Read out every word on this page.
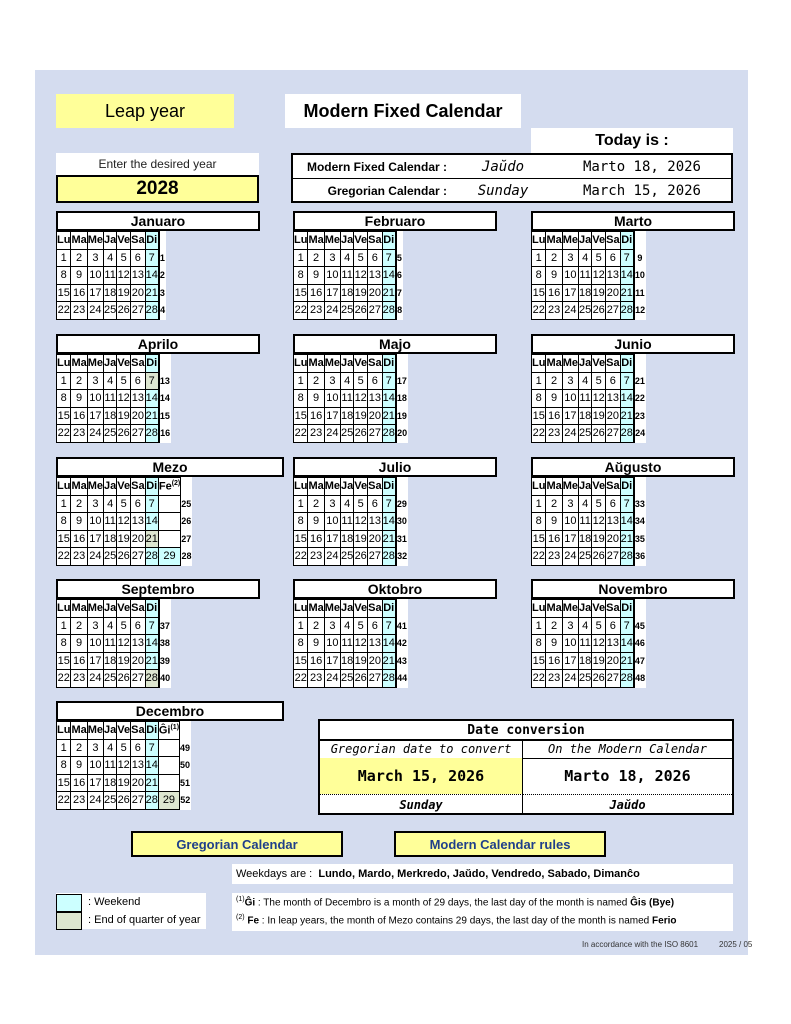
Leap year	Modern Fixed Calendar
Today is :
Enter the desired year
2028
Modern Fixed Calendar :	Jaŭdo	Marto 18, 2026
Gregorian Calendar :	Sunday	March 15, 2026
Januaro
Lu	Ma	Me	Ja	Ve	Sa	Di		
1	2	3	4	5	6	7		1
8	9	10	11	12	13	14		2
15	16	17	18	19	20	21		3
22	23	24	25	26	27	28		4
Februaro
Lu	Ma	Me	Ja	Ve	Sa	Di		
1	2	3	4	5	6	7		5
8	9	10	11	12	13	14		6
15	16	17	18	19	20	21		7
22	23	24	25	26	27	28		8
Marto
Lu	Ma	Me	Ja	Ve	Sa	Di		
1	2	3	4	5	6	7		9
8	9	10	11	12	13	14		10
15	16	17	18	19	20	21		11
22	23	24	25	26	27	28		12
Aprilo
Lu	Ma	Me	Ja	Ve	Sa	Di		
1	2	3	4	5	6	7		13
8	9	10	11	12	13	14		14
15	16	17	18	19	20	21		15
22	23	24	25	26	27	28		16
Majo
Lu	Ma	Me	Ja	Ve	Sa	Di		
1	2	3	4	5	6	7		17
8	9	10	11	12	13	14		18
15	16	17	18	19	20	21		19
22	23	24	25	26	27	28		20
Junio
Lu	Ma	Me	Ja	Ve	Sa	Di		
1	2	3	4	5	6	7		21
8	9	10	11	12	13	14		22
15	16	17	18	19	20	21		23
22	23	24	25	26	27	28		24
Mezo
Lu	Ma	Me	Ja	Ve	Sa	Di	Fe$^{(2)}$	
1	2	3	4	5	6	7		25
8	9	10	11	12	13	14		26
15	16	17	18	19	20	21		27
22	23	24	25	26	27	28	29	28
Julio
Lu	Ma	Me	Ja	Ve	Sa	Di		
1	2	3	4	5	6	7		29
8	9	10	11	12	13	14		30
15	16	17	18	19	20	21		31
22	23	24	25	26	27	28		32
Aŭgusto
Lu	Ma	Me	Ja	Ve	Sa	Di		
1	2	3	4	5	6	7		33
8	9	10	11	12	13	14		34
15	16	17	18	19	20	21		35
22	23	24	25	26	27	28		36
Septembro
Lu	Ma	Me	Ja	Ve	Sa	Di		
1	2	3	4	5	6	7		37
8	9	10	11	12	13	14		38
15	16	17	18	19	20	21		39
22	23	24	25	26	27	28		40
Oktobro
Lu	Ma	Me	Ja	Ve	Sa	Di		
1	2	3	4	5	6	7		41
8	9	10	11	12	13	14		42
15	16	17	18	19	20	21		43
22	23	24	25	26	27	28		44
Novembro
Lu	Ma	Me	Ja	Ve	Sa	Di		
1	2	3	4	5	6	7		45
8	9	10	11	12	13	14		46
15	16	17	18	19	20	21		47
22	23	24	25	26	27	28		48
Decembro
Lu	Ma	Me	Ja	Ve	Sa	Di	$Ĝi^{(1)}$	
1	2	3	4	5	6	7		49
8	9	10	11	12	13	14		50
15	16	17	18	19	20	21		51
22	23	24	25	26	27	28	29	52
Date conversion
Gregorian date to convert	On the Modern Calendar
March 15, 2026	Marto 18, 2026
Sunday	Jaŭdo
Gregorian Calendar	Modern Calendar rules
Weekdays are :
Lundo, Mardo, Merkredo, Jaŭdo, Vendredo, Sabado, Dimanĉo
: Weekend
: End of quarter of year
$^{(1)}$Ĝi : The month of Decembro is a month of 29 days, the last day of the month is named Ĝis (Bye)
$^{(2)}$ Fe : In leap years, the month of Mezo contains 29 days, the last day of the month is named Ferio
In accordance with the ISO 8601	2025 / 05
